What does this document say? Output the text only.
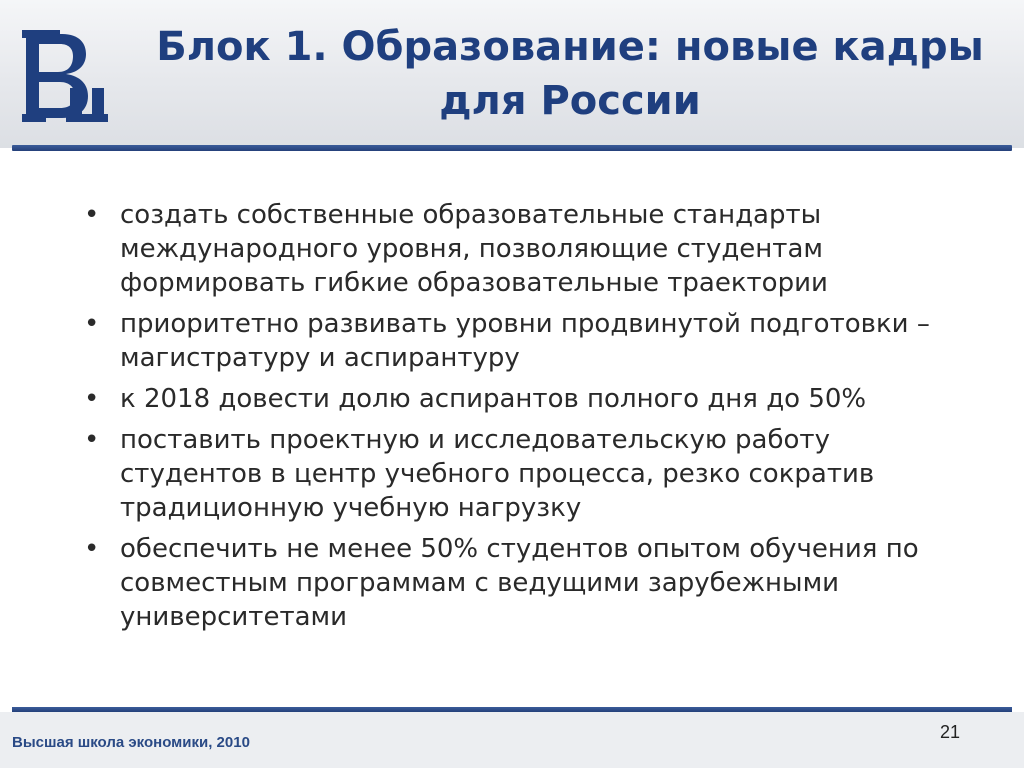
Блок 1. Образование: новые кадры
для России
• создать собственные образовательные стандарты международного уровня, позволяющие студентам формировать гибкие образовательные траектории
• приоритетно развивать уровни продвинутой подготовки – магистратуру и аспирантуру
• к 2018 довести долю аспирантов полного дня до 50%
• поставить проектную и исследовательскую работу студентов в центр учебного процесса, резко сократив традиционную учебную нагрузку
• обеспечить не менее 50% студентов опытом обучения по совместным программам с ведущими зарубежными университетами
Высшая школа экономики, 2010
21
